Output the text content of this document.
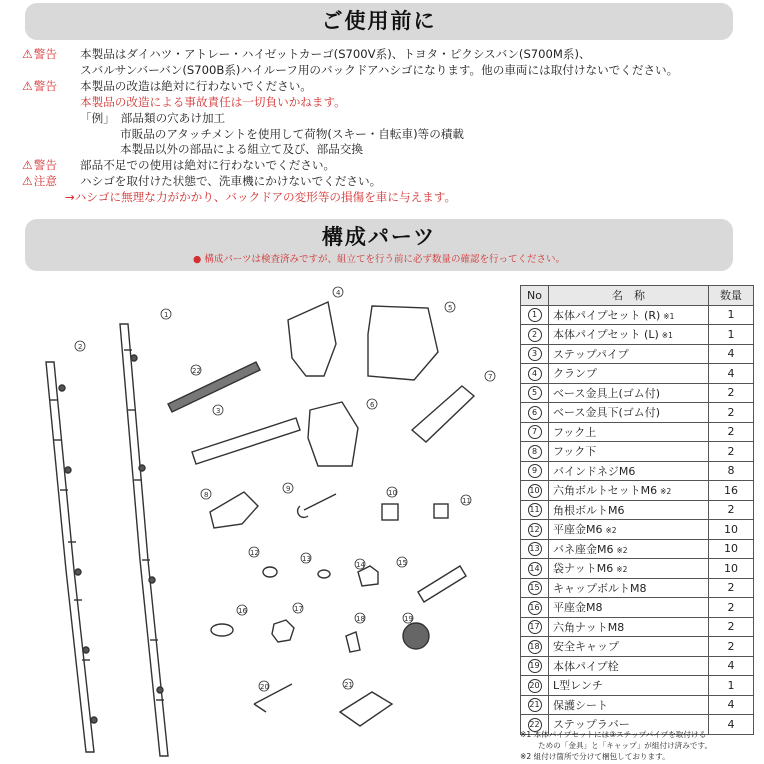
ご使用前に
⚠警告	本製品はダイハツ・アトレー・ハイゼットカーゴ(S700V系)、トヨタ・ピクシスバン(S700M系)、
スバルサンバーバン(S700B系)ハイルーフ用のバックドアハシゴになります。他の車両には取付けないでください。
⚠警告	本製品の改造は絶対に行わないでください。
本製品の改造による事故責任は一切負いかねます。
「例」 部品類の穴あけ加工
市販品のアタッチメントを使用して荷物(スキー・自転車)等の積載
本製品以外の部品による組立て及び、部品交換
⚠警告	部品不足での使用は絶対に行わないでください。
⚠注意	ハシゴを取付けた状態で、洗車機にかけないでください。
→ハシゴに無理な力がかかり、バックドアの変形等の損傷を車に与えます。
構成パーツ
● 構成パーツは検査済みですが、組立てを行う前に必ず数量の確認を行ってください。
2
1
22
3
4
5
6
7
8
9	10
11
12
13
14	15
16	17
18	19
20	21
No	名　称	数量
1	本体パイプセット (R) ※1	1
2	本体パイプセット (L) ※1	1
3	ステップパイプ	4
4	クランプ	4
5	ベース金具上(ゴム付)	2
6	ベース金具下(ゴム付)	2
7	フック上	2
8	フック下	2
9	バインドネジM6	8
10	六角ボルトセットM6 ※2	16
11	角根ボルトM6	2
12	平座金M6 ※2	10
13	バネ座金M6 ※2	10
14	袋ナットM6 ※2	10
15	キャップボルトM8	2
16	平座金M8	2
17	六角ナットM8	2
18	安全キャップ	2
19	本体パイプ栓	4
20	L型レンチ	1
21	保護シート	4
22	ステップラバー	4
※1 本体パイプセットには③ステップパイプを取付ける
ための「金具」と「キャップ」が組付け済みです。
※2 組付け箇所で分けて梱包しております。
